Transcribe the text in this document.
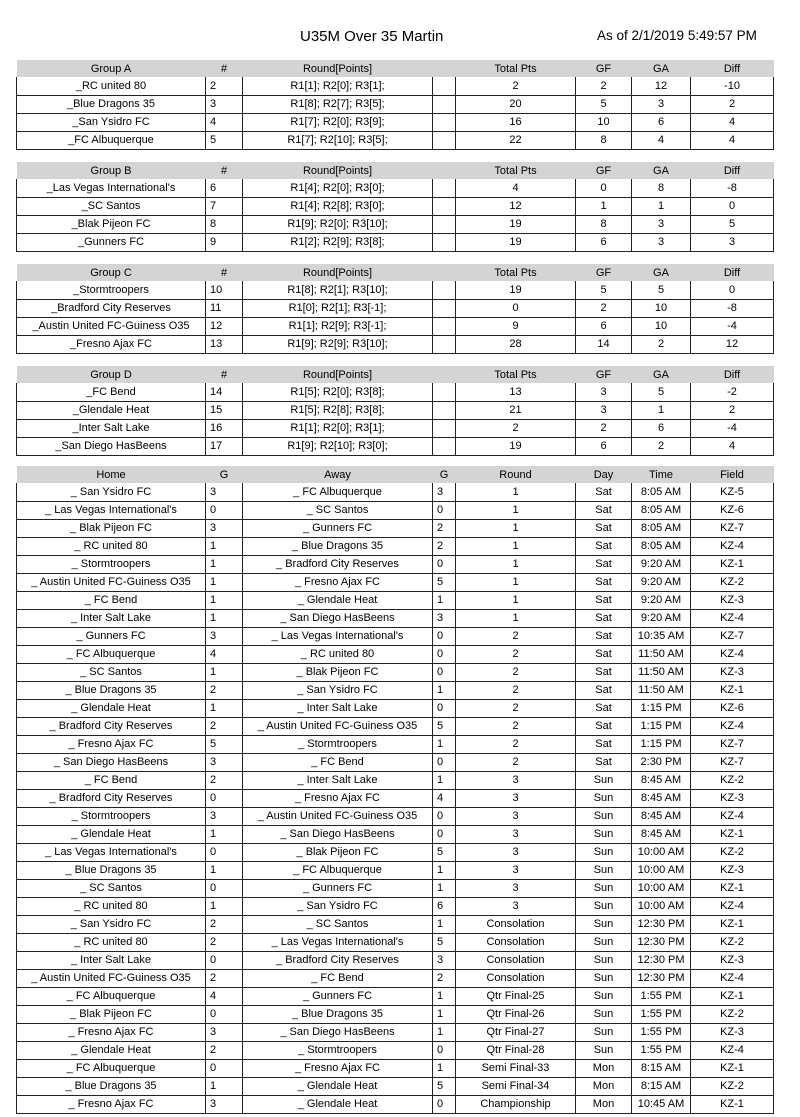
U35M Over 35 Martin	As of 2/1/2019 5:49:57 PM
Group A	#	Round[Points]		Total Pts	GF	GA	Diff
_RC united 80	2	R1[1]; R2[0]; R3[1];		2	2	12	-10
_Blue Dragons 35	3	R1[8]; R2[7]; R3[5];		20	5	3	2
_San Ysidro FC	4	R1[7]; R2[0]; R3[9];		16	10	6	4
_FC Albuquerque	5	R1[7]; R2[10]; R3[5];		22	8	4	4
Group B	#	Round[Points]		Total Pts	GF	GA	Diff
_Las Vegas International's	6	R1[4]; R2[0]; R3[0];		4	0	8	-8
_SC Santos	7	R1[4]; R2[8]; R3[0];		12	1	1	0
_Blak Pijeon FC	8	R1[9]; R2[0]; R3[10];		19	8	3	5
_Gunners FC	9	R1[2]; R2[9]; R3[8];		19	6	3	3
Group C	#	Round[Points]		Total Pts	GF	GA	Diff
_Stormtroopers	10	R1[8]; R2[1]; R3[10];		19	5	5	0
_Bradford City Reserves	11	R1[0]; R2[1]; R3[-1];		0	2	10	-8
_Austin United FC-Guiness O35	12	R1[1]; R2[9]; R3[-1];		9	6	10	-4
_Fresno Ajax FC	13	R1[9]; R2[9]; R3[10];		28	14	2	12
Group D	#	Round[Points]		Total Pts	GF	GA	Diff
_FC Bend	14	R1[5]; R2[0]; R3[8];		13	3	5	-2
_Glendale Heat	15	R1[5]; R2[8]; R3[8];		21	3	1	2
_Inter Salt Lake	16	R1[1]; R2[0]; R3[1];		2	2	6	-4
_San Diego HasBeens	17	R1[9]; R2[10]; R3[0];		19	6	2	4
Home	G	Away	G	Round	Day	Time	Field
_ San Ysidro FC	3	_ FC Albuquerque	3	1	Sat	8:05 AM	KZ-5
_ Las Vegas International's	0	_ SC Santos	0	1	Sat	8:05 AM	KZ-6
_ Blak Pijeon FC	3	_ Gunners FC	2	1	Sat	8:05 AM	KZ-7
_ RC united 80	1	_ Blue Dragons 35	2	1	Sat	8:05 AM	KZ-4
_ Stormtroopers	1	_ Bradford City Reserves	0	1	Sat	9:20 AM	KZ-1
_ Austin United FC-Guiness O35	1	_ Fresno Ajax FC	5	1	Sat	9:20 AM	KZ-2
_ FC Bend	1	_ Glendale Heat	1	1	Sat	9:20 AM	KZ-3
_ Inter Salt Lake	1	_ San Diego HasBeens	3	1	Sat	9:20 AM	KZ-4
_ Gunners FC	3	_ Las Vegas International's	0	2	Sat	10:35 AM	KZ-7
_ FC Albuquerque	4	_ RC united 80	0	2	Sat	11:50 AM	KZ-4
_ SC Santos	1	_ Blak Pijeon FC	0	2	Sat	11:50 AM	KZ-3
_ Blue Dragons 35	2	_ San Ysidro FC	1	2	Sat	11:50 AM	KZ-1
_ Glendale Heat	1	_ Inter Salt Lake	0	2	Sat	1:15 PM	KZ-6
_ Bradford City Reserves	2	_ Austin United FC-Guiness O35	5	2	Sat	1:15 PM	KZ-4
_ Fresno Ajax FC	5	_ Stormtroopers	1	2	Sat	1:15 PM	KZ-7
_ San Diego HasBeens	3	_ FC Bend	0	2	Sat	2:30 PM	KZ-7
_ FC Bend	2	_ Inter Salt Lake	1	3	Sun	8:45 AM	KZ-2
_ Bradford City Reserves	0	_ Fresno Ajax FC	4	3	Sun	8:45 AM	KZ-3
_ Stormtroopers	3	_ Austin United FC-Guiness O35	0	3	Sun	8:45 AM	KZ-4
_ Glendale Heat	1	_ San Diego HasBeens	0	3	Sun	8:45 AM	KZ-1
_ Las Vegas International's	0	_ Blak Pijeon FC	5	3	Sun	10:00 AM	KZ-2
_ Blue Dragons 35	1	_ FC Albuquerque	1	3	Sun	10:00 AM	KZ-3
_ SC Santos	0	_ Gunners FC	1	3	Sun	10:00 AM	KZ-1
_ RC united 80	1	_ San Ysidro FC	6	3	Sun	10:00 AM	KZ-4
_ San Ysidro FC	2	_ SC Santos	1	Consolation	Sun	12:30 PM	KZ-1
_ RC united 80	2	_ Las Vegas International's	5	Consolation	Sun	12:30 PM	KZ-2
_ Inter Salt Lake	0	_ Bradford City Reserves	3	Consolation	Sun	12:30 PM	KZ-3
_ Austin United FC-Guiness O35	2	_ FC Bend	2	Consolation	Sun	12:30 PM	KZ-4
_ FC Albuquerque	4	_ Gunners FC	1	Qtr Final-25	Sun	1:55 PM	KZ-1
_ Blak Pijeon FC	0	_ Blue Dragons 35	1	Qtr Final-26	Sun	1:55 PM	KZ-2
_ Fresno Ajax FC	3	_ San Diego HasBeens	1	Qtr Final-27	Sun	1:55 PM	KZ-3
_ Glendale Heat	2	_ Stormtroopers	0	Qtr Final-28	Sun	1:55 PM	KZ-4
_ FC Albuquerque	0	_ Fresno Ajax FC	1	Semi Final-33	Mon	8:15 AM	KZ-1
_ Blue Dragons 35	1	_ Glendale Heat	5	Semi Final-34	Mon	8:15 AM	KZ-2
_ Fresno Ajax FC	3	_ Glendale Heat	0	Championship	Mon	10:45 AM	KZ-1
